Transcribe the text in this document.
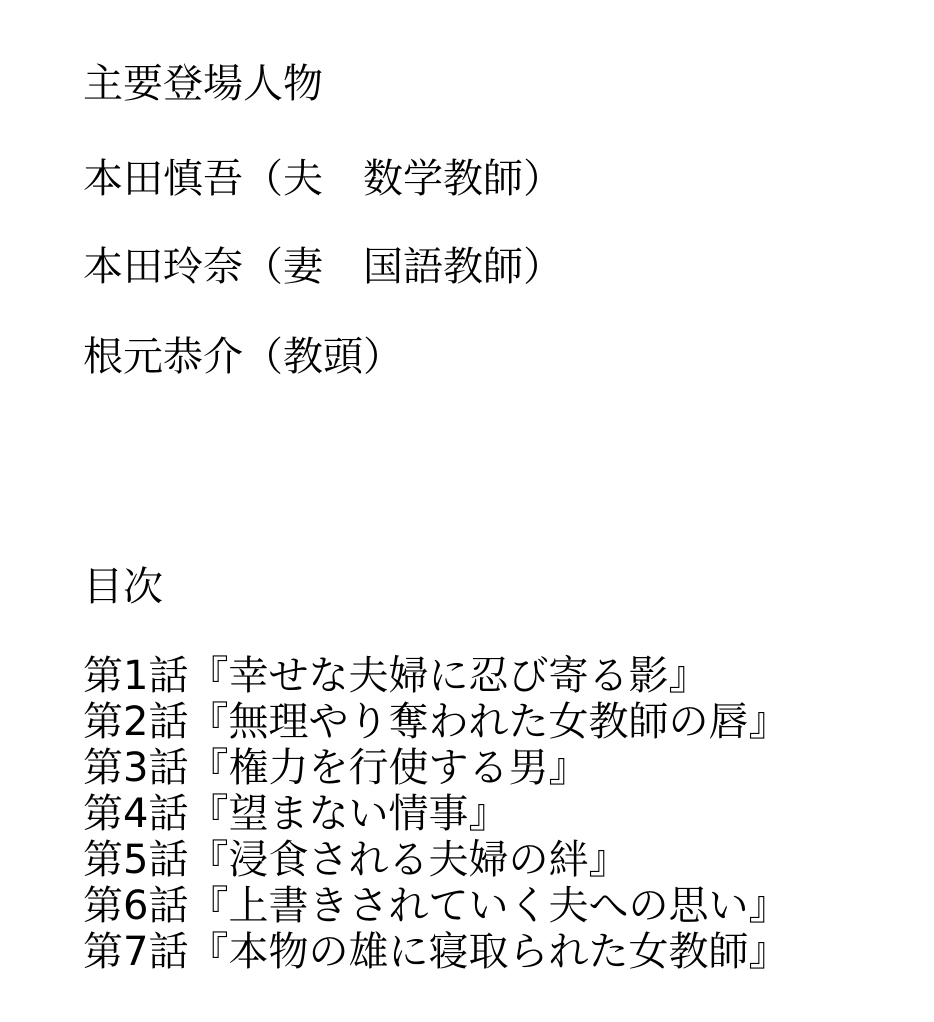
主要登場人物
本田慎吾（夫　数学教師）
本田玲奈（妻　国語教師）
根元恭介（教頭）
目次
第1話『幸せな夫婦に忍び寄る影』
第2話『無理やり奪われた女教師の唇』
第3話『権力を行使する男』
第4話『望まない情事』
第5話『浸食される夫婦の絆』
第6話『上書きされていく夫への思い』
第7話『本物の雄に寝取られた女教師』
